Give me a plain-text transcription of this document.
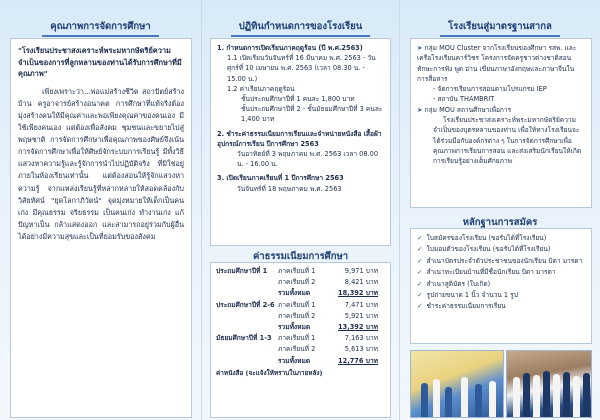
คุณภาพการจัดการศึกษา
"โรงเรียนประชาสงเคราะห์พระมหากษัตริย์ความจำเป็นของการที่ลูกหลานของท่านได้รับการศึกษาที่มีคุณภาพ"
เพียงเพราะว่า...พ่อแม่สร้างชีวิต สถาปัตย์สร้างบ้าน ครูอาจารย์สร้างอนาคต การศึกษาที่แท้จริงต้องมุ่งสร้างคนให้มีคุณค่าและพอเพียงคุณค่าของคนเอง มีใช้เพียงคนเอง แต่ต้องเพื่อสังคม ชุมชนและขยายไปสู่พฤษชาติ การจัดการศึกษาเพื่อคุณภาพของศิษย์จึงเน้นการจัดการศึกษาเพื่อให้ศิษย์จักระบบการเรียนรู้ มีทั้งวิธีแสวงหาความรู้และรู้จักการนำไปปฏิบัติจริง ที่มิใช่อยู่ภายในห้องเรียนเท่านั้น แต่ต้องสอนให้รู้จักแสวงหาความรู้ จากแหล่งเรียนรู้ที่หลากหลายให้สอดคล้องกับวิสัยทัศน์ "ยุคโลกาภิวัตน์" จุดมุ่งหมายให้เด็กเป็นคนเก่ง มีคุณธรรม จริยธรรม เป็นคนเก่ง ทำงานเก่ง แก้ปัญหาเป็น กล้าแสดงออก และสามารถอยู่ร่วมกับผู้อื่นได้อย่างมีความสุขและเป็นที่ยอมรับของสังคม
ปฏิทินกำหนดการของโรงเรียน
ค่าธรรมเนียมการศึกษา
1. กำหนดการเปิดเรียนภาคฤดูร้อน (ปี พ.ศ.2563)
1.1 เปิดเรียนวันจันทร์ที่ 16 มีนาคม พ.ศ. 2563 - วันศุกร์ที่ 10 เมษายน พ.ศ. 2563 (เวลา 08.30 น. - 15.00 น.)
1.2 ค่าเรียนภาคฤดูร้อน
ชั้นประถมศึกษาปีที่ 1 คนละ 1,800 บาท
ชั้นประถมศึกษาปีที่ 2 - ชั้นมัธยมศึกษาปีที่ 3 คนละ 1,400 บาท
2. ชำระค่าธรรมเนียมการเรียนและจำหน่ายหนังสือ เสื้อผ้า อุปกรณ์การเรียน ปีการศึกษา 2563
วันอาทิตย์ที่ 3 พฤษภาคม พ.ศ. 2563 เวลา 08.00 น. - 16.00 น.
3. เปิดเรียนภาคเรียนที่ 1 ปีการศึกษา 2563
วันจันทร์ที่ 18 พฤษภาคม พ.ศ. 2563
ประถมศึกษาปีที่ 1	ภาคเรียนที่ 1	9,971 บาท
ภาคเรียนที่ 2	8,421 บาท
รวมทั้งหมด	18,392 บาท
ประถมศึกษาปีที่ 2-6 ภาคเรียนที่ 1	7,471 บาท
ภาคเรียนที่ 2	5,921 บาท
รวมทั้งหมด	13,392 บาท
มัธยมศึกษาปีที่ 1-3 ภาคเรียนที่ 1	7,163 บาท
ภาคเรียนที่ 2	5,613 บาท
รวมทั้งหมด	12,776 บาท
ค่าหนังสือ (จะแจ้งให้ทราบในภายหลัง)
โรงเรียนสู่มาตรฐานสากล
หลักฐานการสมัคร
➤ กลุ่ม MOU Cluster จากโรงเรียนของศึกษา รสพ. และเครือโรงเรียนคาร์วิชร โครงการจัดครูชาวต่างชาติสอนทักษะการฟัง พูด อ่าน เขียนภาษาอังกฤษและภาษาจีนในการสื่อสาร
- จัดการเรียนการสอนตามโปรแกรม IEP
- สถาบัน THAMBRIT
➤ กลุ่ม MOU สถานศึกษาเพื่อการ
โรงเรียนประชาสงเคราะห์พระมหากษัตริย์ความจำเป็นของบุตรหลานของท่าน เพื่อให้ทางโรงเรียนจะได้ร่วมมือกับองค์กรต่าง ๆ ในการจัดการศึกษาเพื่อคุณภาพการเรียนการสอน และส่งเสริมนักเรียนให้เกิดการเรียนรู้อย่างเต็มศักยภาพ
✓ ใบสมัครของโรงเรียน (ขอรับได้ที่โรงเรียน)
✓ ใบมอบตัวของโรงเรียน (ขอรับได้ที่โรงเรียน)
✓ สำเนาบัตรประจำตัวประชาชนของนักเรียน บิดา มารดา
✓ สำเนาทะเบียนบ้านที่มีชื่อนักเรียน บิดา มารดา
✓ สำเนาสูติบัตร (ใบเกิด)
✓ รูปถ่ายขนาด 1 นิ้ว จำนวน 1 รูป
✓ ชำระค่าธรรมเนียมการเรียน
